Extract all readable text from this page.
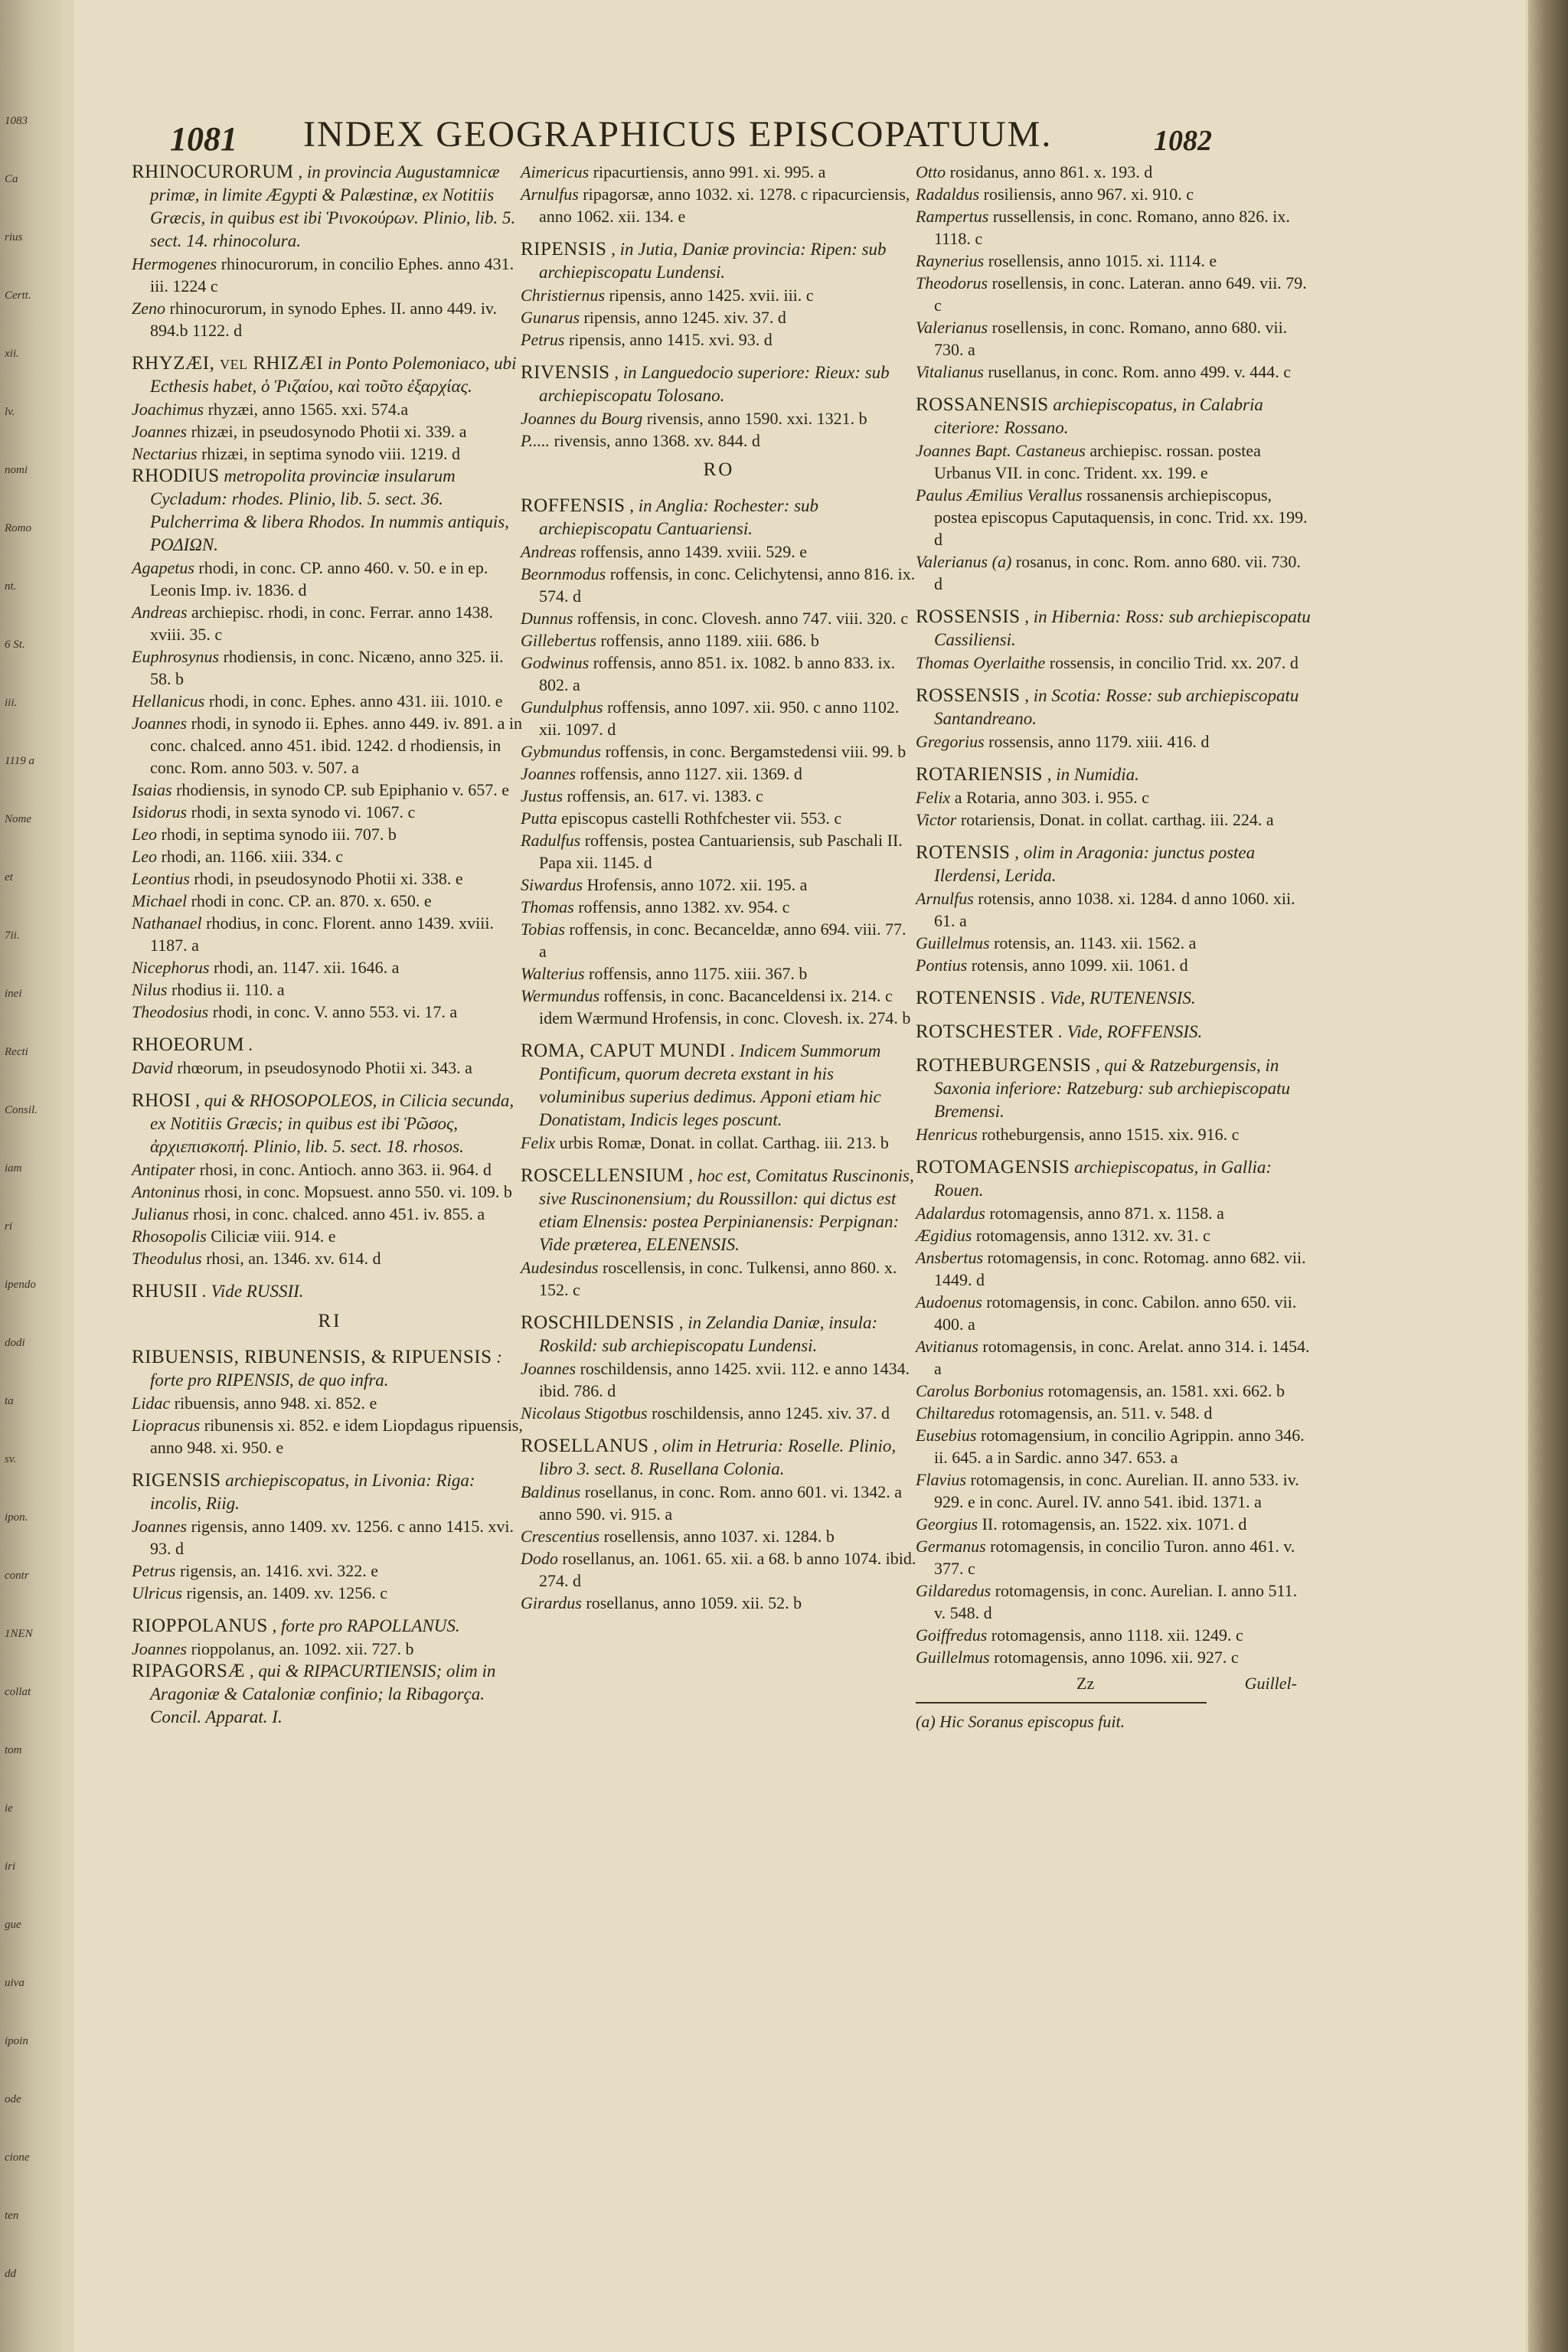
1083
Ca
rius
Certt.
xii.
lv.
nomi
Romo
nt.
6 St.
iii.
1119 a
Nome
et
7ii.
inei
Recti
Consil.
iam
ri
ipendo
dodi
ta
sv.
ipon.
contr
1NEN
collat
tom
ie
iri
gue
uiva
ipoin
ode
cione
ten
dd
1081 INDEX GEOGRAPHICUS EPISCOPATUUM.	1082
RHINOCURORUM , in provincia Augustamnicæ primæ, in limite Ægypti & Palæstinæ, ex Notitiis Græcis, in quibus est ibi Ῥινοκούρων. Plinio, lib. 5. sect. 14. rhinocolura.
Hermogenes rhinocurorum, in concilio Ephes. anno 431. iii. 1224 c
Zeno rhinocurorum, in synodo Ephes. II. anno 449. iv. 894.b 1122. d
RHYZÆI, vel RHIZÆI in Ponto Polemoniaco, ubi Ecthesis habet, ὁ Ῥιζαίου, καὶ τοῦτο ἐξαρχίας.
Joachimus rhyzæi, anno 1565. xxi. 574.a
Joannes rhizæi, in pseudosynodo Photii xi. 339. a
Nectarius rhizæi, in septima synodo viii. 1219. d
RHODIUS metropolita provinciæ insularum Cycladum: rhodes. Plinio, lib. 5. sect. 36. Pulcherrima & libera Rhodos. In nummis antiquis, ΡΟΔΙΩΝ.
Agapetus rhodi, in conc. CP. anno 460. v. 50. e in ep. Leonis Imp. iv. 1836. d
Andreas archiepisc. rhodi, in conc. Ferrar. anno 1438. xviii. 35. c
Euphrosynus rhodiensis, in conc. Nicæno, anno 325. ii. 58. b
Hellanicus rhodi, in conc. Ephes. anno 431. iii. 1010. e
Joannes rhodi, in synodo ii. Ephes. anno 449. iv. 891. a in conc. chalced. anno 451. ibid. 1242. d rhodiensis, in conc. Rom. anno 503. v. 507. a
Isaias rhodiensis, in synodo CP. sub Epiphanio v. 657. e
Isidorus rhodi, in sexta synodo vi. 1067. c
Leo rhodi, in septima synodo iii. 707. b
Leo rhodi, an. 1166. xiii. 334. c
Leontius rhodi, in pseudosynodo Photii xi. 338. e
Michael rhodi in conc. CP. an. 870. x. 650. e
Nathanael rhodius, in conc. Florent. anno 1439. xviii. 1187. a
Nicephorus rhodi, an. 1147. xii. 1646. a
Nilus rhodius ii. 110. a
Theodosius rhodi, in conc. V. anno 553. vi. 17. a
RHOEORUM .
David rhœorum, in pseudosynodo Photii xi. 343. a
RHOSI , qui & RHOSOPOLEOS, in Cilicia secunda, ex Notitiis Græcis; in quibus est ibi Ῥῶσος, ἀρχιεπισκοπή. Plinio, lib. 5. sect. 18. rhosos.
Antipater rhosi, in conc. Antioch. anno 363. ii. 964. d
Antoninus rhosi, in conc. Mopsuest. anno 550. vi. 109. b
Julianus rhosi, in conc. chalced. anno 451. iv. 855. a
Rhosopolis Ciliciæ viii. 914. e
Theodulus rhosi, an. 1346. xv. 614. d
RHUSII . Vide RUSSII.
RI
RIBUENSIS, RIBUNENSIS, & RIPUENSIS : forte pro RIPENSIS, de quo infra.
Lidac ribuensis, anno 948. xi. 852. e
Liopracus ribunensis xi. 852. e idem Liopdagus ripuensis, anno 948. xi. 950. e
RIGENSIS archiepiscopatus, in Livonia: Riga: incolis, Riig.
Joannes rigensis, anno 1409. xv. 1256. c anno 1415. xvi. 93. d
Petrus rigensis, an. 1416. xvi. 322. e
Ulricus rigensis, an. 1409. xv. 1256. c
RIOPPOLANUS , forte pro RAPOLLANUS.
Joannes rioppolanus, an. 1092. xii. 727. b
RIPAGORSÆ , qui & RIPACURTIENSIS; olim in Aragoniæ & Cataloniæ confinio; la Ribagorça. Concil. Apparat. I.
Aimericus ripacurtiensis, anno 991. xi. 995. a
Arnulfus ripagorsæ, anno 1032. xi. 1278. c ripacurciensis, anno 1062. xii. 134. e
RIPENSIS , in Jutia, Daniæ provincia: Ripen: sub archiepiscopatu Lundensi.
Christiernus ripensis, anno 1425. xvii. iii. c
Gunarus ripensis, anno 1245. xiv. 37. d
Petrus ripensis, anno 1415. xvi. 93. d
RIVENSIS , in Languedocio superiore: Rieux: sub archiepiscopatu Tolosano.
Joannes du Bourg rivensis, anno 1590. xxi. 1321. b
P..... rivensis, anno 1368. xv. 844. d
RO
ROFFENSIS , in Anglia: Rochester: sub archiepiscopatu Cantuariensi.
Andreas roffensis, anno 1439. xviii. 529. e
Beornmodus roffensis, in conc. Celichytensi, anno 816. ix. 574. d
Dunnus roffensis, in conc. Clovesh. anno 747. viii. 320. c
Gillebertus roffensis, anno 1189. xiii. 686. b
Godwinus roffensis, anno 851. ix. 1082. b anno 833. ix. 802. a
Gundulphus roffensis, anno 1097. xii. 950. c anno 1102. xii. 1097. d
Gybmundus roffensis, in conc. Bergamstedensi viii. 99. b
Joannes roffensis, anno 1127. xii. 1369. d
Justus roffensis, an. 617. vi. 1383. c
Putta episcopus castelli Rothfchester vii. 553. c
Radulfus roffensis, postea Cantuariensis, sub Paschali II. Papa xii. 1145. d
Siwardus Hrofensis, anno 1072. xii. 195. a
Thomas roffensis, anno 1382. xv. 954. c
Tobias roffensis, in conc. Becanceldæ, anno 694. viii. 77. a
Walterius roffensis, anno 1175. xiii. 367. b
Wermundus roffensis, in conc. Bacanceldensi ix. 214. c idem Wærmund Hrofensis, in conc. Clovesh. ix. 274. b
ROMA, CAPUT MUNDI . Indicem Summorum Pontificum, quorum decreta exstant in his voluminibus superius dedimus. Apponi etiam hic Donatistam, Indicis leges poscunt.
Felix urbis Romæ, Donat. in collat. Carthag. iii. 213. b
ROSCELLENSIUM , hoc est, Comitatus Ruscinonis, sive Ruscinonensium; du Roussillon: qui dictus est etiam Elnensis: postea Perpinianensis: Perpignan: Vide præterea, ELENENSIS.
Audesindus roscellensis, in conc. Tulkensi, anno 860. x. 152. c
ROSCHILDENSIS , in Zelandia Daniæ, insula: Roskild: sub archiepiscopatu Lundensi.
Joannes roschildensis, anno 1425. xvii. 112. e anno 1434. ibid. 786. d
Nicolaus Stigotbus roschildensis, anno 1245. xiv. 37. d
ROSELLANUS , olim in Hetruria: Roselle. Plinio, libro 3. sect. 8. Rusellana Colonia.
Baldinus rosellanus, in conc. Rom. anno 601. vi. 1342. a anno 590. vi. 915. a
Crescentius rosellensis, anno 1037. xi. 1284. b
Dodo rosellanus, an. 1061. 65. xii. a 68. b anno 1074. ibid. 274. d
Girardus rosellanus, anno 1059. xii. 52. b
Otto rosidanus, anno 861. x. 193. d
Radaldus rosiliensis, anno 967. xi. 910. c
Rampertus russellensis, in conc. Romano, anno 826. ix. 1118. c
Raynerius rosellensis, anno 1015. xi. 1114. e
Theodorus rosellensis, in conc. Lateran. anno 649. vii. 79. c
Valerianus rosellensis, in conc. Romano, anno 680. vii. 730. a
Vitalianus rusellanus, in conc. Rom. anno 499. v. 444. c
ROSSANENSIS archiepiscopatus, in Calabria citeriore: Rossano.
Joannes Bapt. Castaneus archiepisc. rossan. postea Urbanus VII. in conc. Trident. xx. 199. e
Paulus Æmilius Verallus rossanensis archiepiscopus, postea episcopus Caputaquensis, in conc. Trid. xx. 199. d
Valerianus (a) rosanus, in conc. Rom. anno 680. vii. 730. d
ROSSENSIS , in Hibernia: Ross: sub archiepiscopatu Cassiliensi.
Thomas Oyerlaithe rossensis, in concilio Trid. xx. 207. d
ROSSENSIS , in Scotia: Rosse: sub archiepiscopatu Santandreano.
Gregorius rossensis, anno 1179. xiii. 416. d
ROTARIENSIS , in Numidia.
Felix a Rotaria, anno 303. i. 955. c
Victor rotariensis, Donat. in collat. carthag. iii. 224. a
ROTENSIS , olim in Aragonia: junctus postea Ilerdensi, Lerida.
Arnulfus rotensis, anno 1038. xi. 1284. d anno 1060. xii. 61. a
Guillelmus rotensis, an. 1143. xii. 1562. a
Pontius rotensis, anno 1099. xii. 1061. d
ROTENENSIS . Vide, RUTENENSIS.
ROTSCHESTER . Vide, ROFFENSIS.
ROTHEBURGENSIS , qui & Ratzeburgensis, in Saxonia inferiore: Ratzeburg: sub archiepiscopatu Bremensi.
Henricus rotheburgensis, anno 1515. xix. 916. c
ROTOMAGENSIS archiepiscopatus, in Gallia: Rouen.
Adalardus rotomagensis, anno 871. x. 1158. a
Ægidius rotomagensis, anno 1312. xv. 31. c
Ansbertus rotomagensis, in conc. Rotomag. anno 682. vii. 1449. d
Audoenus rotomagensis, in conc. Cabilon. anno 650. vii. 400. a
Avitianus rotomagensis, in conc. Arelat. anno 314. i. 1454. a
Carolus Borbonius rotomagensis, an. 1581. xxi. 662. b
Chiltaredus rotomagensis, an. 511. v. 548. d
Eusebius rotomagensium, in concilio Agrippin. anno 346. ii. 645. a in Sardic. anno 347. 653. a
Flavius rotomagensis, in conc. Aurelian. II. anno 533. iv. 929. e in conc. Aurel. IV. anno 541. ibid. 1371. a
Georgius II. rotomagensis, an. 1522. xix. 1071. d
Germanus rotomagensis, in concilio Turon. anno 461. v. 377. c
Gildaredus rotomagensis, in conc. Aurelian. I. anno 511. v. 548. d
Goiffredus rotomagensis, anno 1118. xii. 1249. c
Guillelmus rotomagensis, anno 1096. xii. 927. c
Zz	Guillel-
(a) Hic Soranus episcopus fuit.
